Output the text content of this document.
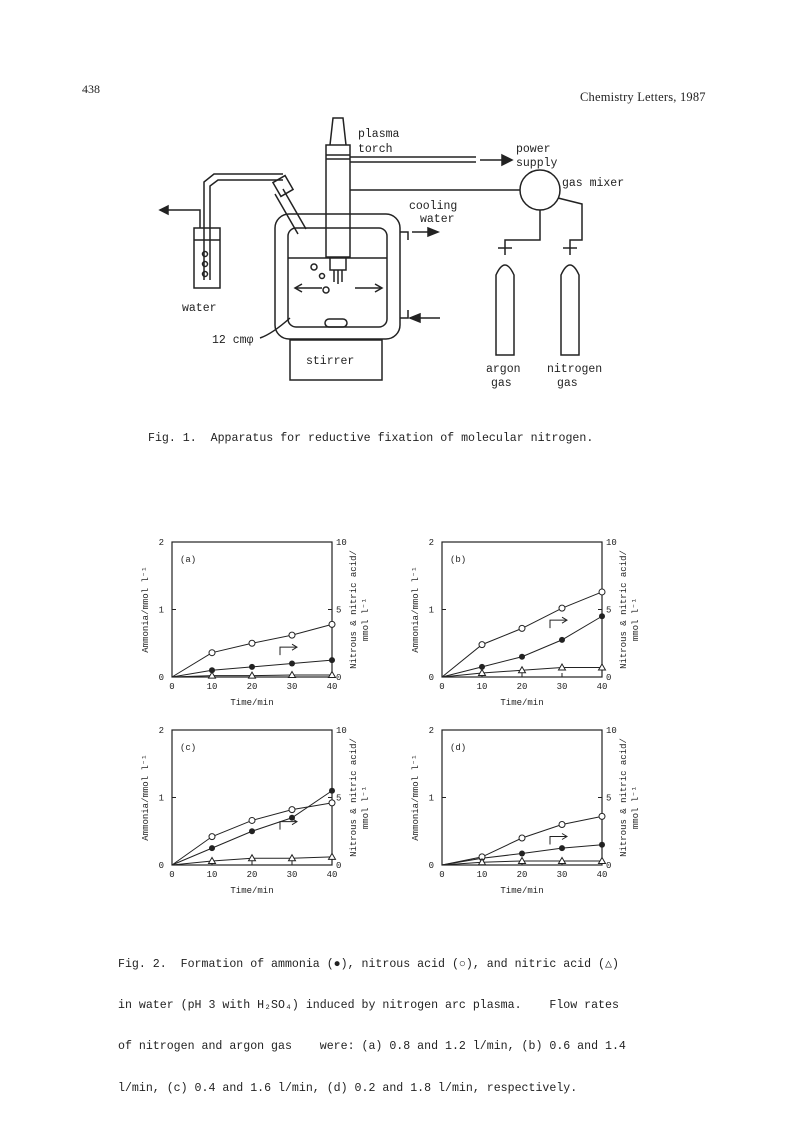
438
Chemistry Letters, 1987
plasma
torch	power
supply
gas mixer
cooling
water
water
12 cmφ
stirrer
argon
gas
nitrogen
gas
Fig. 1.  Apparatus for reductive fixation of molecular nitrogen.
(a)
0	10	20	30	40
0
1
2
0
5
10
Time/min
Ammonia/mmol l⁻¹	Nitrous & nitric acid/ mmol l⁻¹
(b)
0	10	20	30	40
0
1
2
0
5
10
Time/min
Ammonia/mmol l⁻¹	Nitrous & nitric acid/ mmol l⁻¹
(c)
0	10	20	30	40
0
1
2
0
5
10
Time/min
Ammonia/mmol l⁻¹	Nitrous & nitric acid/ mmol l⁻¹
(d)
0	10	20	30	40
0
1
2
0
5
10
Time/min
Ammonia/mmol l⁻¹	Nitrous & nitric acid/ mmol l⁻¹

Fig. 2.  Formation of ammonia (●), nitrous acid (○), and nitric acid (△)

in water (pH 3 with H₂SO₄) induced by nitrogen arc plasma.    Flow rates

of nitrogen and argon gas    were: (a) 0.8 and 1.2 l/min, (b) 0.6 and 1.4

l/min, (c) 0.4 and 1.6 l/min, (d) 0.2 and 1.8 l/min, respectively.
